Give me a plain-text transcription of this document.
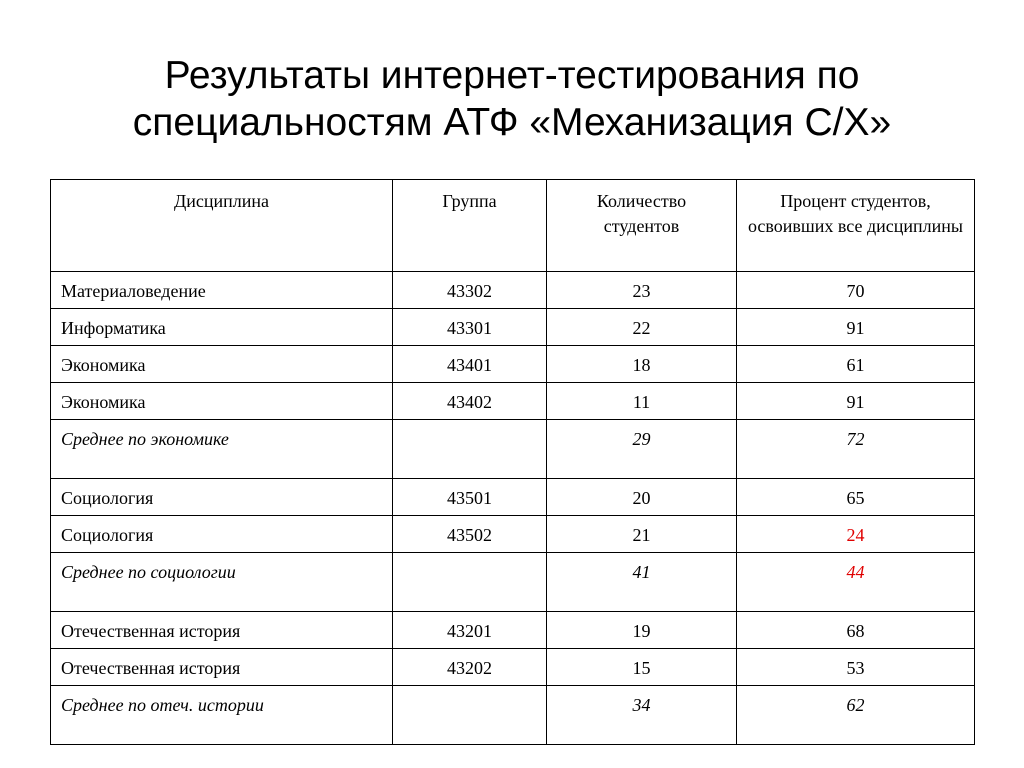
Результаты интернет-тестирования по
специальностям АТФ «Механизация С/Х»
Дисциплина	Группа	Количество студентов	Процент студентов, освоивших все дисциплины
Материаловедение	43302	23	70
Информатика	43301	22	91
Экономика	43401	18	61
Экономика	43402	11	91
Среднее по экономике		29	72
Социология	43501	20	65
Социология	43502	21	24
Среднее по социологии		41	44
Отечественная история	43201	19	68
Отечественная история	43202	15	53
Среднее по отеч. истории		34	62
